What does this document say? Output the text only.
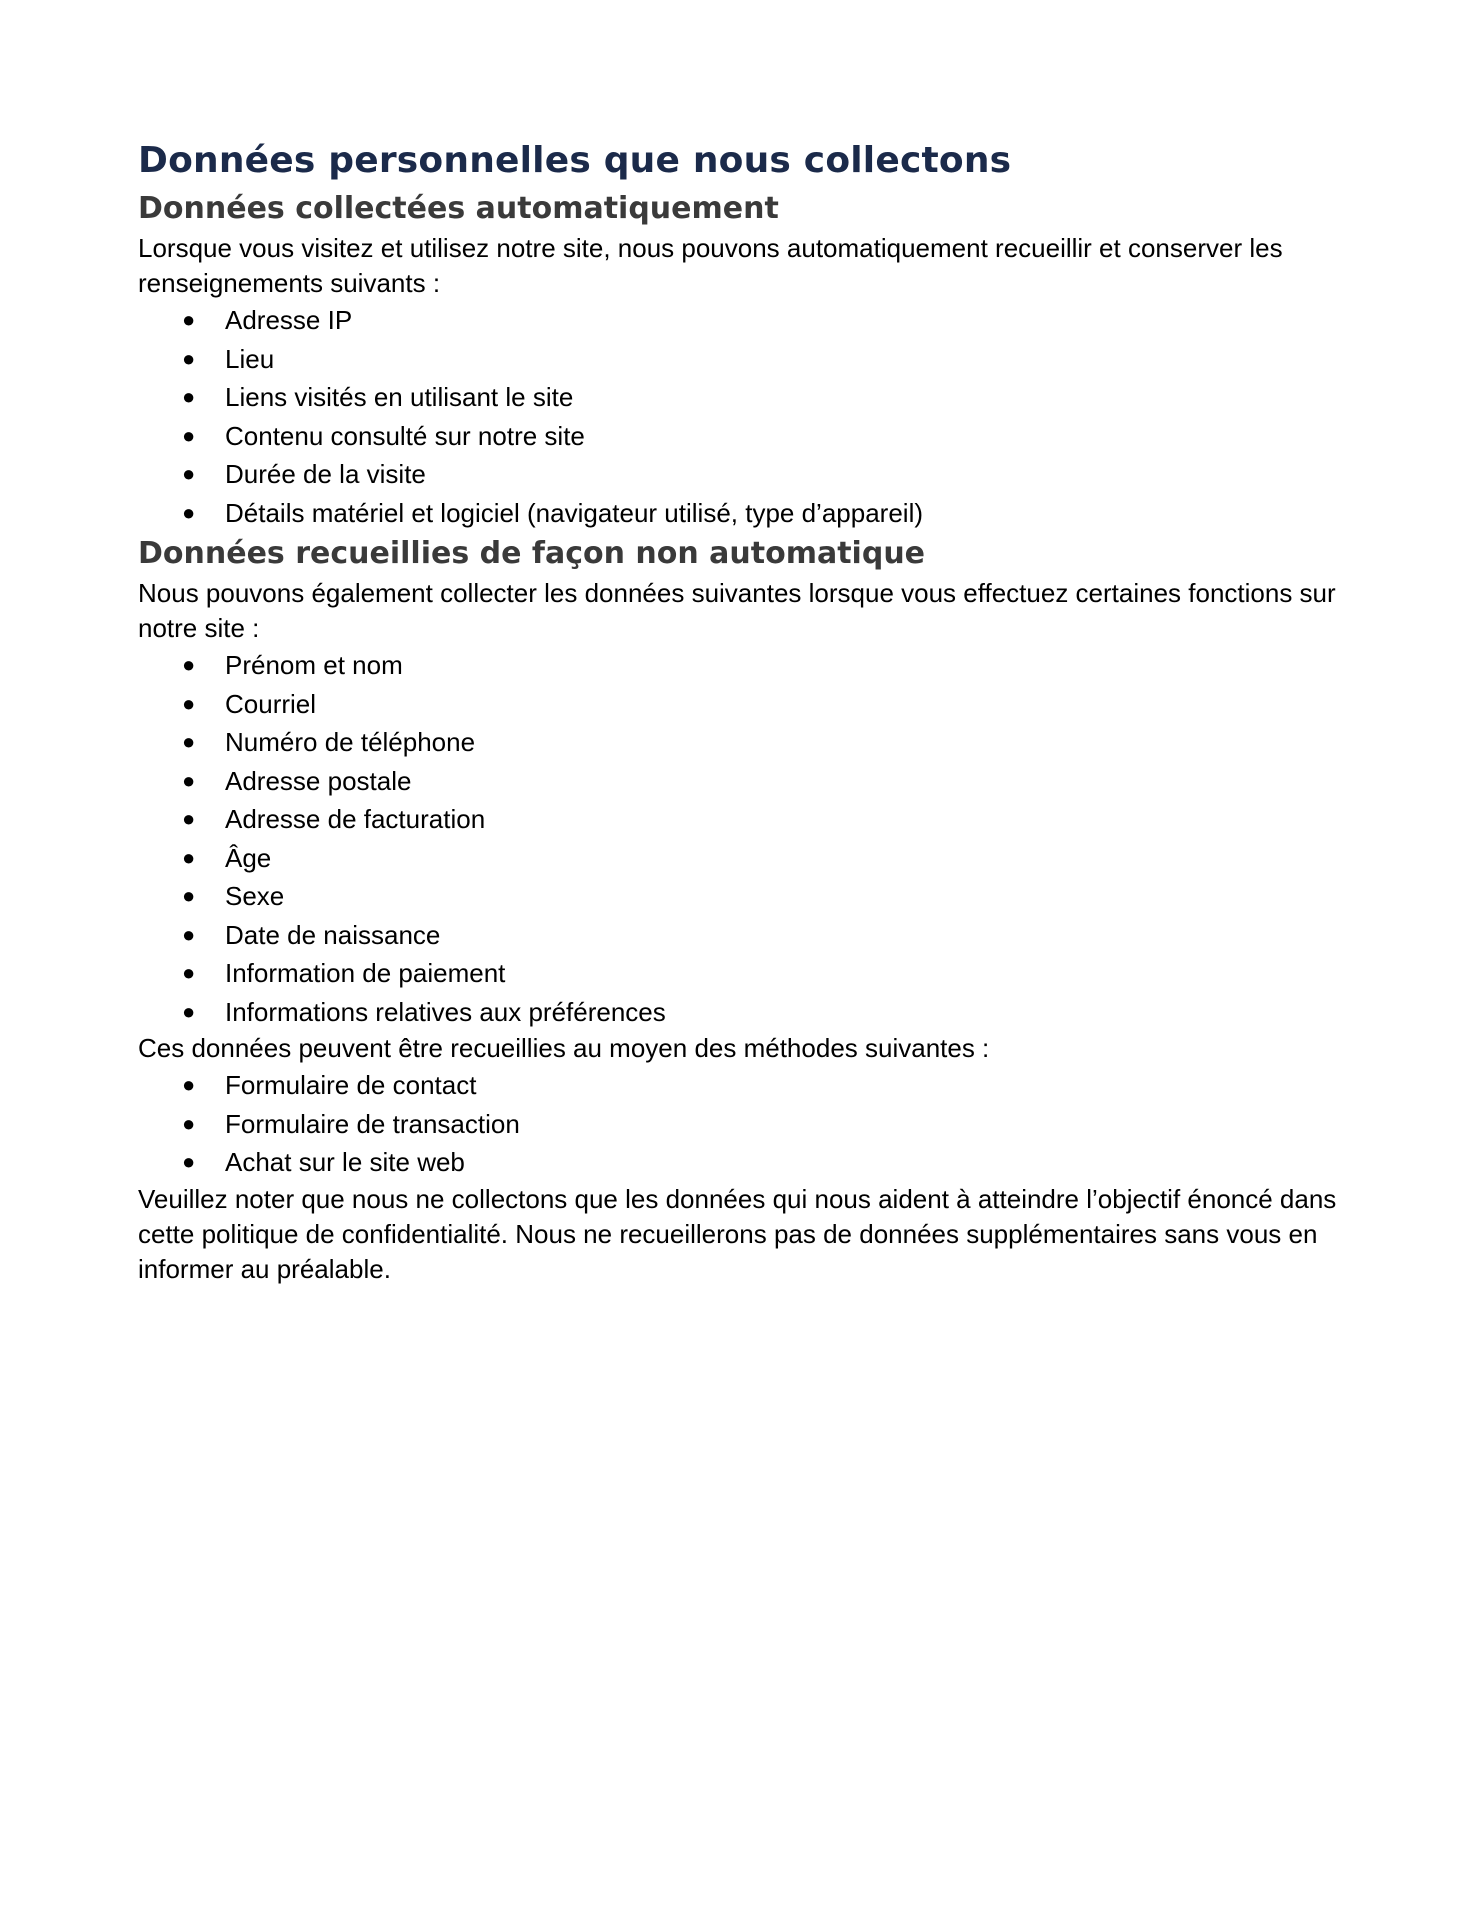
Données personnelles que nous collectons
Données collectées automatiquement

Lorsque vous visitez et utilisez notre site, nous pouvons automatiquement recueillir et conserver les renseignements suivants :

● Adresse IP
● Lieu
● Liens visités en utilisant le site
● Contenu consulté sur notre site
● Durée de la visite
● Détails matériel et logiciel (navigateur utilisé, type d’appareil)
Données recueillies de façon non automatique

Nous pouvons également collecter les données suivantes lorsque vous effectuez certaines fonctions sur notre site :

● Prénom et nom
● Courriel
● Numéro de téléphone
● Adresse postale
● Adresse de facturation
● Âge
● Sexe
● Date de naissance
● Information de paiement
● Informations relatives aux préférences

Ces données peuvent être recueillies au moyen des méthodes suivantes :

● Formulaire de contact
● Formulaire de transaction
● Achat sur le site web

Veuillez noter que nous ne collectons que les données qui nous aident à atteindre l’objectif énoncé dans cette politique de confidentialité. Nous ne recueillerons pas de données supplémentaires sans vous en informer au préalable.
